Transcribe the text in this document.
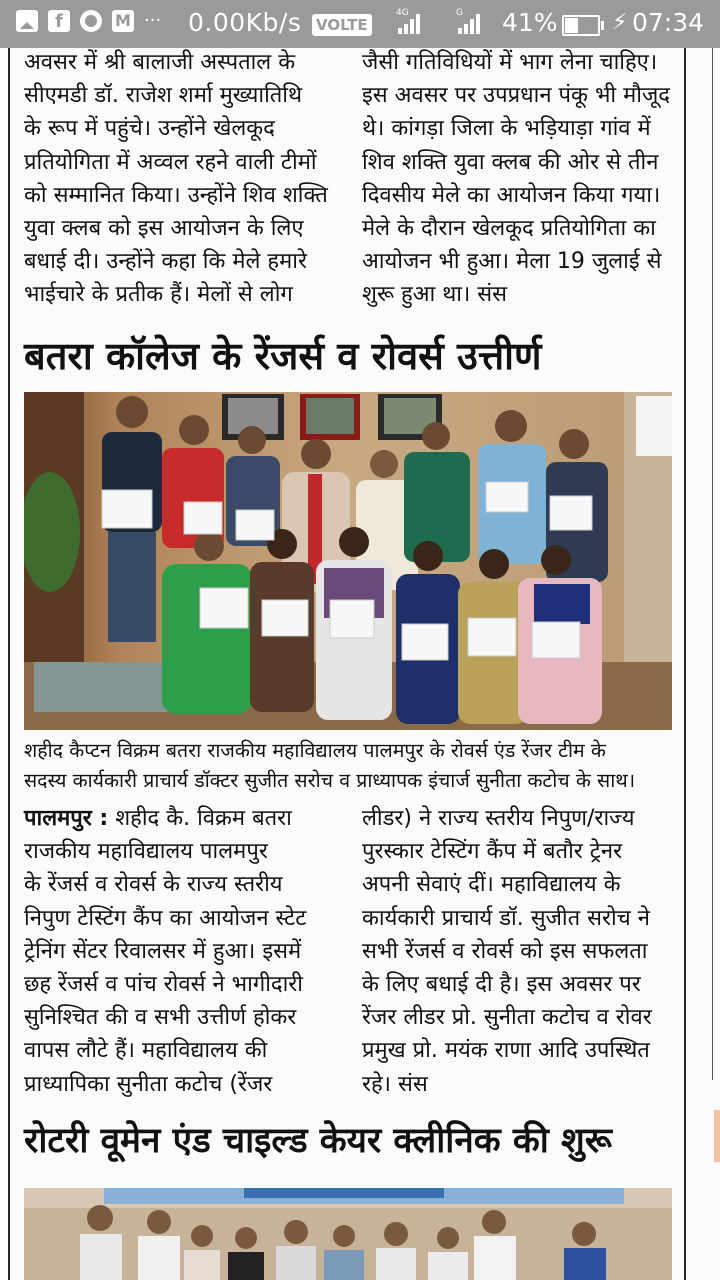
f	M ··· 0.00Kb/s VOLTE
4G	G 41% ⚡ 07:34

अवसर में श्री बालाजी अस्पताल के

सीएमडी डॉ. राजेश शर्मा मुख्यातिथि

के रूप में पहुंचे। उन्होंने खेलकूद

प्रतियोगिता में अव्वल रहने वाली टीमों

को सम्मानित किया। उन्होंने शिव शक्ति

युवा क्लब को इस आयोजन के लिए

बधाई दी। उन्होंने कहा कि मेले हमारे

भाईचारे के प्रतीक हैं। मेलों से लोग

जैसी गतिविधियों में भाग लेना चाहिए।

इस अवसर पर उपप्रधान पंकू भी मौजूद

थे। कांगड़ा जिला के भड़ियाड़ा गांव में

शिव शक्ति युवा क्लब की ओर से तीन

दिवसीय मेले का आयोजन किया गया।

मेले के दौरान खेलकूद प्रतियोगिता का

आयोजन भी हुआ। मेला 19 जुलाई से

शुरू हुआ था। संस

बतरा कॉलेज के रेंजर्स व रोवर्स उत्तीर्ण

शहीद कैप्टन विक्रम बतरा राजकीय महाविद्यालय पालमपुर के रोवर्स एंड रेंजर टीम के

सदस्य कार्यकारी प्राचार्य डॉक्टर सुजीत सरोच व प्राध्यापक इंचार्ज सुनीता कटोच के साथ।

पालमपुर : शहीद कै. विक्रम बतरा

राजकीय महाविद्यालय पालमपुर

के रेंजर्स व रोवर्स के राज्य स्तरीय

निपुण टेस्टिंग कैंप का आयोजन स्टेट

ट्रेनिंग सेंटर रिवालसर में हुआ। इसमें

छह रेंजर्स व पांच रोवर्स ने भागीदारी

सुनिश्चित की व सभी उत्तीर्ण होकर

वापस लौटे हैं। महाविद्यालय की

प्राध्यापिका सुनीता कटोच (रेंजर

लीडर) ने राज्य स्तरीय निपुण/राज्य

पुरस्कार टेस्टिंग कैंप में बतौर ट्रेनर

अपनी सेवाएं दीं। महाविद्यालय के

कार्यकारी प्राचार्य डॉ. सुजीत सरोच ने

सभी रेंजर्स व रोवर्स को इस सफलता

के लिए बधाई दी है। इस अवसर पर

रेंजर लीडर प्रो. सुनीता कटोच व रोवर

प्रमुख प्रो. मयंक राणा आदि उपस्थित

रहे। संस

रोटरी वूमेन एंड चाइल्ड केयर क्लीनिक की शुरू
